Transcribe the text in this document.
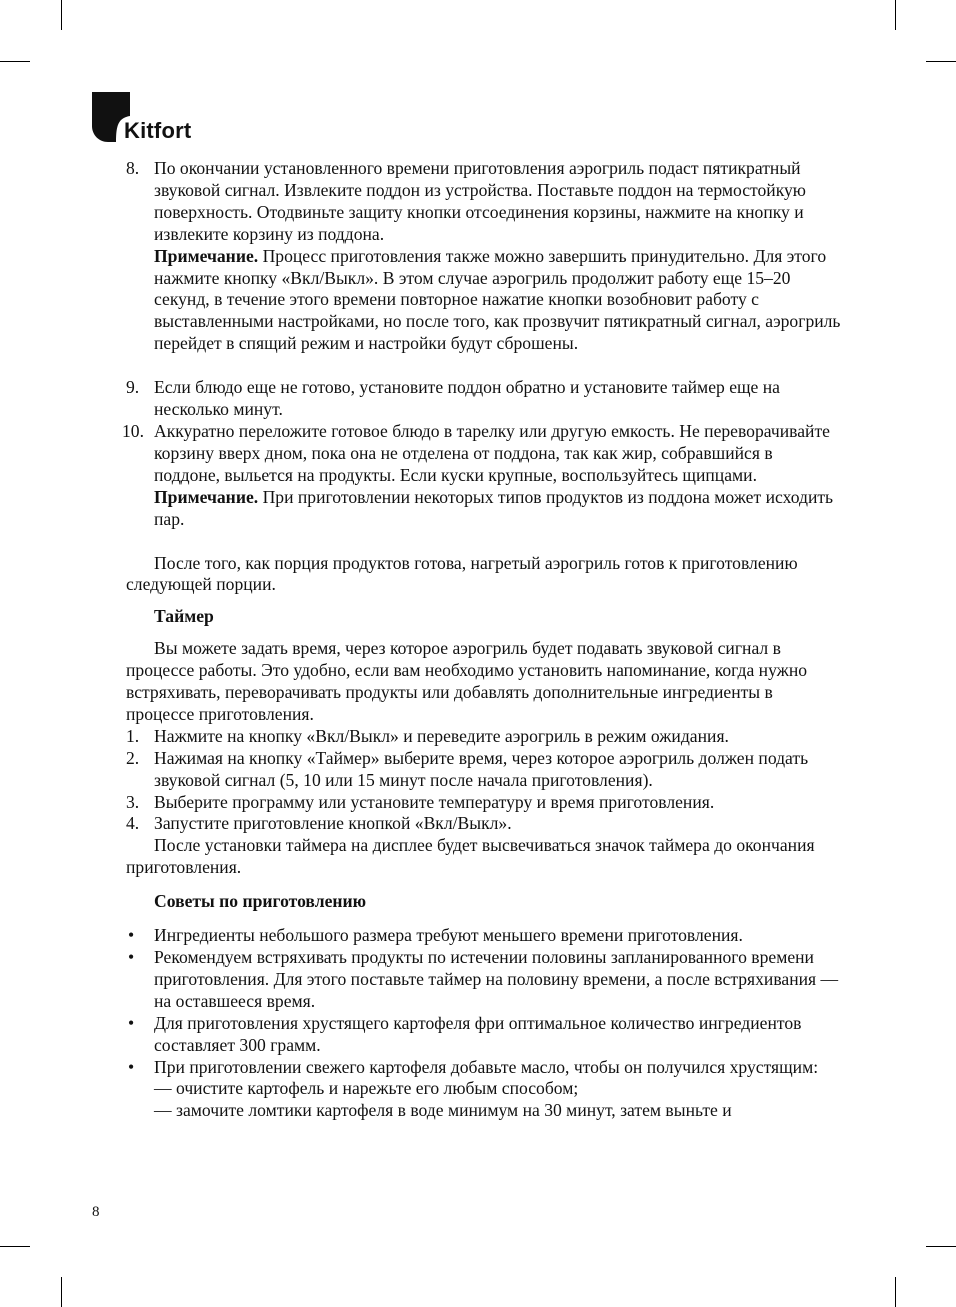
Kitfort
8. По окончании установленного времени приготовления аэрогриль подаст пятикратный звуковой сигнал. Извлеките поддон из устройства. Поставьте поддон на термостойкую поверхность. Отодвиньте защиту кнопки отсоединения корзины, нажмите на кнопку и извлеките корзину из поддона.
Примечание. Процесс приготовления также можно завершить принудительно. Для этого нажмите кнопку «Вкл/Выкл». В этом случае аэрогриль продолжит работу еще 15–20 секунд, в течение этого времени повторное нажатие кнопки возобновит работу с выставленными настройками, но после того, как прозвучит пятикратный сигнал, аэрогриль перейдет в спящий режим и настройки будут сброшены.
9. Если блюдо еще не готово, установите поддон обратно и установите таймер еще на несколько минут.
10. Аккуратно переложите готовое блюдо в тарелку или другую емкость. Не переворачивайте корзину вверх дном, пока она не отделена от поддона, так как жир, собравшийся в поддоне, выльется на продукты. Если куски крупные, воспользуйтесь щипцами.
Примечание. При приготовлении некоторых типов продуктов из поддона может исходить пар.
После того, как порция продуктов готова, нагретый аэрогриль готов к приготовлению следующей порции.
Таймер
Вы можете задать время, через которое аэрогриль будет подавать звуковой сигнал в процессе работы. Это удобно, если вам необходимо установить напоминание, когда нужно встряхивать, переворачивать продукты или добавлять дополнительные ингредиенты в процессе приготовления.
1. Нажмите на кнопку «Вкл/Выкл» и переведите аэрогриль в режим ожидания.
2. Нажимая на кнопку «Таймер» выберите время, через которое аэрогриль должен подать звуковой сигнал (5, 10 или 15 минут после начала приготовления).
3. Выберите программу или установите температуру и время приготовления.
4. Запустите приготовление кнопкой «Вкл/Выкл».
После установки таймера на дисплее будет высвечиваться значок таймера до окончания приготовления.
Советы по приготовлению
• Ингредиенты небольшого размера требуют меньшего времени приготовления.
• Рекомендуем встряхивать продукты по истечении половины запланированного времени приготовления. Для этого поставьте таймер на половину времени, а после встряхивания — на оставшееся время.
• Для приготовления хрустящего картофеля фри оптимальное количество ингредиентов составляет 300 грамм.
• При приготовлении свежего картофеля добавьте масло, чтобы он получился хрустящим:
— очистите картофель и нарежьте его любым способом;
— замочите ломтики картофеля в воде минимум на 30 минут, затем выньте и
8
